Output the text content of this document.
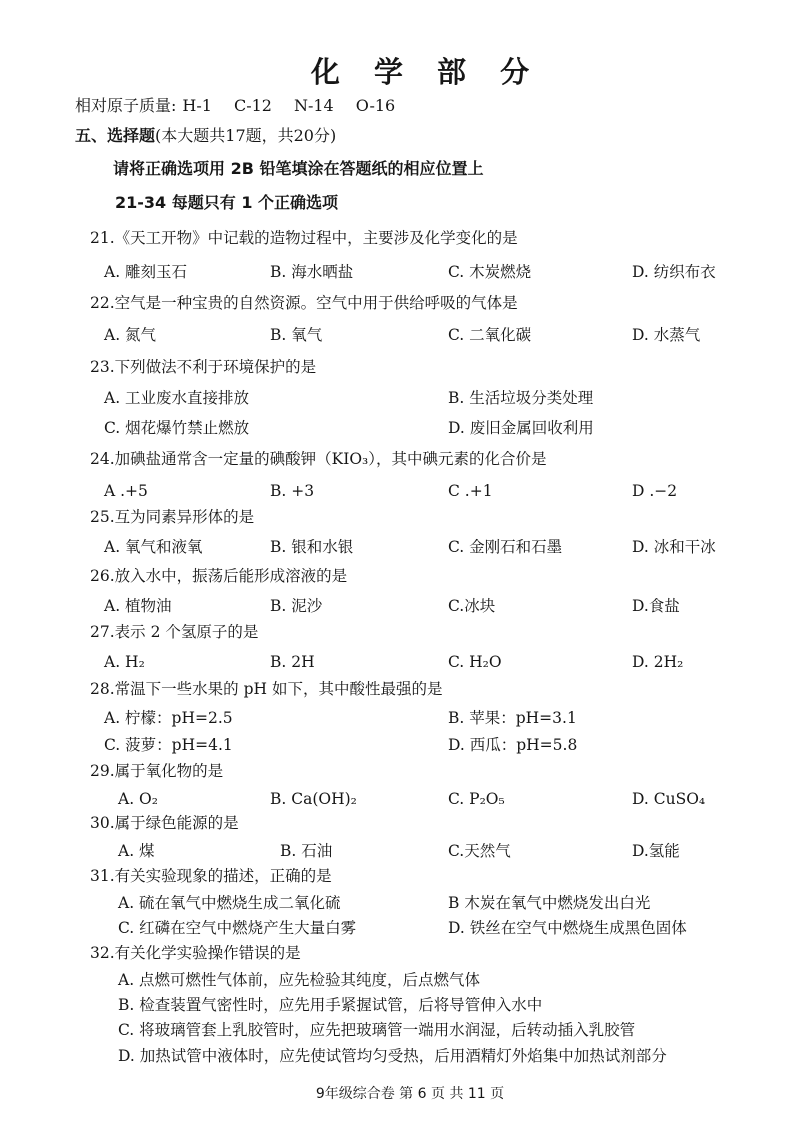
化 学 部 分
相对原子质量: H-1 C-12 N-14 O-16
五、选择题(本大题共17题，共20分)
请将正确选项用 2B 铅笔填涂在答题纸的相应位置上
21-34 每题只有 1 个正确选项
21.《天工开物》中记载的造物过程中，主要涉及化学变化的是
A. 雕刻玉石	B. 海水晒盐	C. 木炭燃烧	D. 纺织布衣
22.空气是一种宝贵的自然资源。空气中用于供给呼吸的气体是
A. 氮气	B. 氧气	C. 二氧化碳	D. 水蒸气
23.下列做法不利于环境保护的是
A. 工业废水直接排放	B. 生活垃圾分类处理
C. 烟花爆竹禁止燃放	D. 废旧金属回收利用
24.加碘盐通常含一定量的碘酸钾（KIO₃），其中碘元素的化合价是
A .+5	B. +3	C .+1	D .−2
25.互为同素异形体的是
A. 氧气和液氧	B. 银和水银	C. 金刚石和石墨	D. 冰和干冰
26.放入水中，振荡后能形成溶液的是
A. 植物油	B. 泥沙	C.冰块	D.食盐
27.表示 2 个氢原子的是
A. H₂	B. 2H	C. H₂O	D. 2H₂
28.常温下一些水果的 pH 如下，其中酸性最强的是
A. 柠檬：pH=2.5	B. 苹果：pH=3.1
C. 菠萝：pH=4.1	D. 西瓜：pH=5.8
29.属于氧化物的是
A. O₂	B. Ca(OH)₂	C. P₂O₅	D. CuSO₄
30.属于绿色能源的是
A. 煤	B. 石油	C.天然气	D.氢能
31.有关实验现象的描述，正确的是
A. 硫在氧气中燃烧生成二氧化硫	B 木炭在氧气中燃烧发出白光
C. 红磷在空气中燃烧产生大量白雾	D. 铁丝在空气中燃烧生成黑色固体
32.有关化学实验操作错误的是
A. 点燃可燃性气体前，应先检验其纯度，后点燃气体
B. 检查装置气密性时，应先用手紧握试管，后将导管伸入水中
C. 将玻璃管套上乳胶管时，应先把玻璃管一端用水润湿，后转动插入乳胶管
D. 加热试管中液体时，应先使试管均匀受热，后用酒精灯外焰集中加热试剂部分
9年级综合卷 第 6 页 共 11 页
